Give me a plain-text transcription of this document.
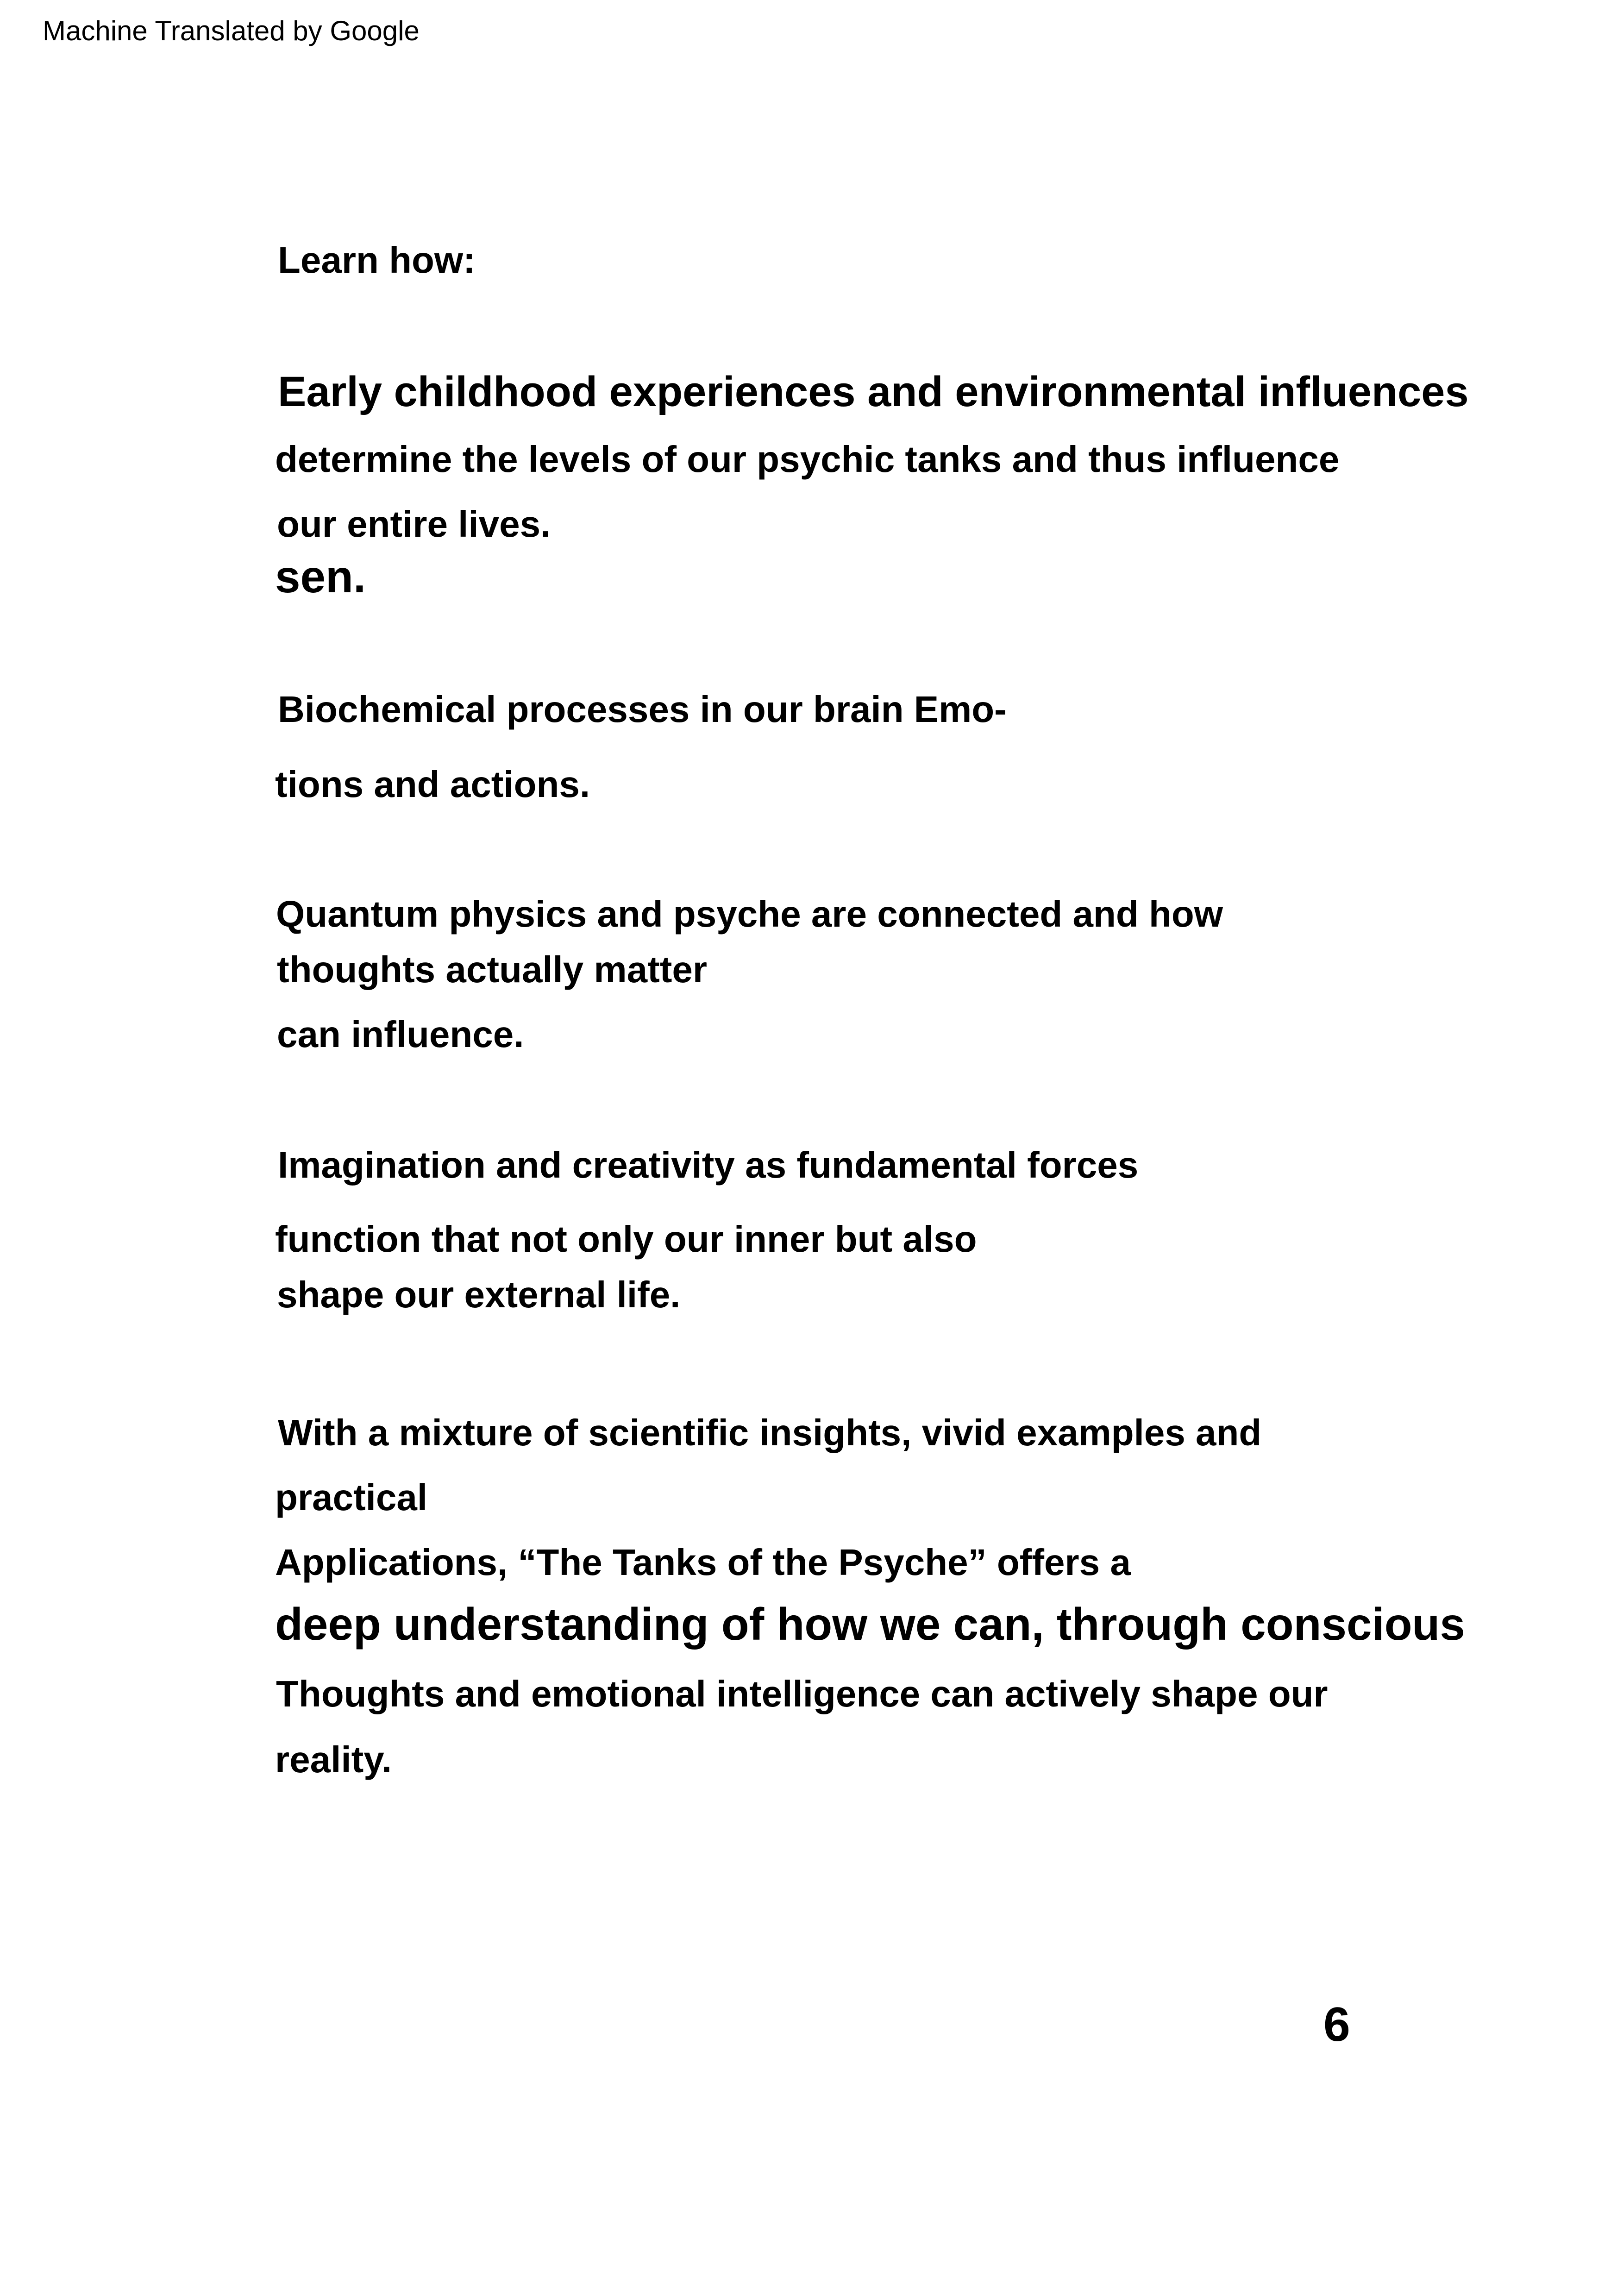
Machine Translated by Google
Learn how:
Early childhood experiences and environmental influences
determine the levels of our psychic tanks and thus influence
our entire lives.
sen.
Biochemical processes in our brain Emo-
tions and actions.
Quantum physics and psyche are connected and how
thoughts actually matter
can influence.
Imagination and creativity as fundamental forces
function that not only our inner but also
shape our external life.
With a mixture of scientific insights, vivid examples and
practical
Applications, “The Tanks of the Psyche” offers a
deep understanding of how we can, through conscious
Thoughts and emotional intelligence can actively shape our
reality.
6
